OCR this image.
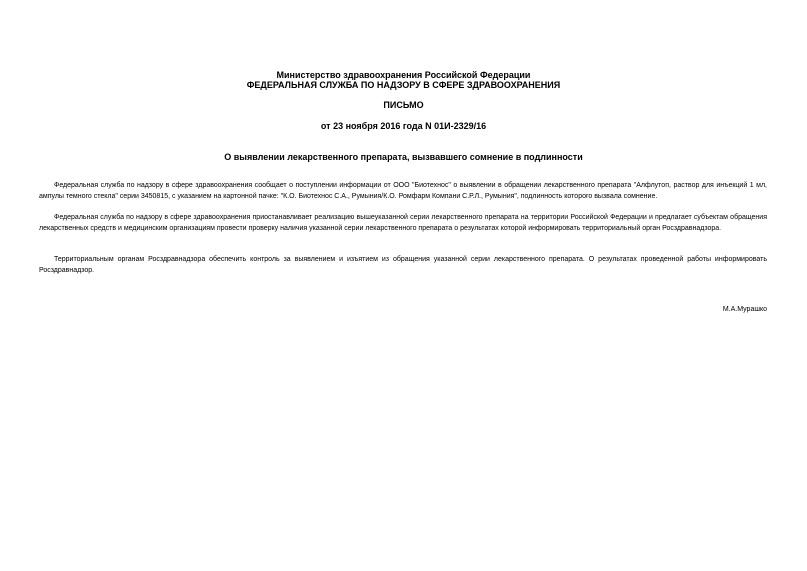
Министерство здравоохранения Российской Федерации
ФЕДЕРАЛЬНАЯ СЛУЖБА ПО НАДЗОРУ В СФЕРЕ ЗДРАВООХРАНЕНИЯ
ПИСЬМО
от 23 ноября 2016 года N 01И-2329/16
О выявлении лекарственного препарата, вызвавшего сомнение в подлинности

Федеральная служба по надзору в сфере здравоохранения сообщает о поступлении информации от ООО "Биотехнос" о выявлении в обращении лекарственного препарата "Алфлутоп, раствор для инъекций 1 мл, ампулы темного стекла" серии 3450815, с указанием на картонной пачке: "К.О. Биотехнос С.А., Румыния/К.О. Ромфарм Компани С.Р.Л., Румыния", подлинность которого вызвала сомнение.

Федеральная служба по надзору в сфере здравоохранения приостанавливает реализацию вышеуказанной серии лекарственного препарата на территории Российской Федерации и предлагает субъектам обращения лекарственных средств и медицинским организациям провести проверку наличия указанной серии лекарственного препарата о результатах которой информировать территориальный орган Росздравнадзора.

Территориальным органам Росздравнадзора обеспечить контроль за выявлением и изъятием из обращения указанной серии лекарственного препарата. О результатах проведенной работы информировать Росздравнадзор.

М.А.Мурашко
